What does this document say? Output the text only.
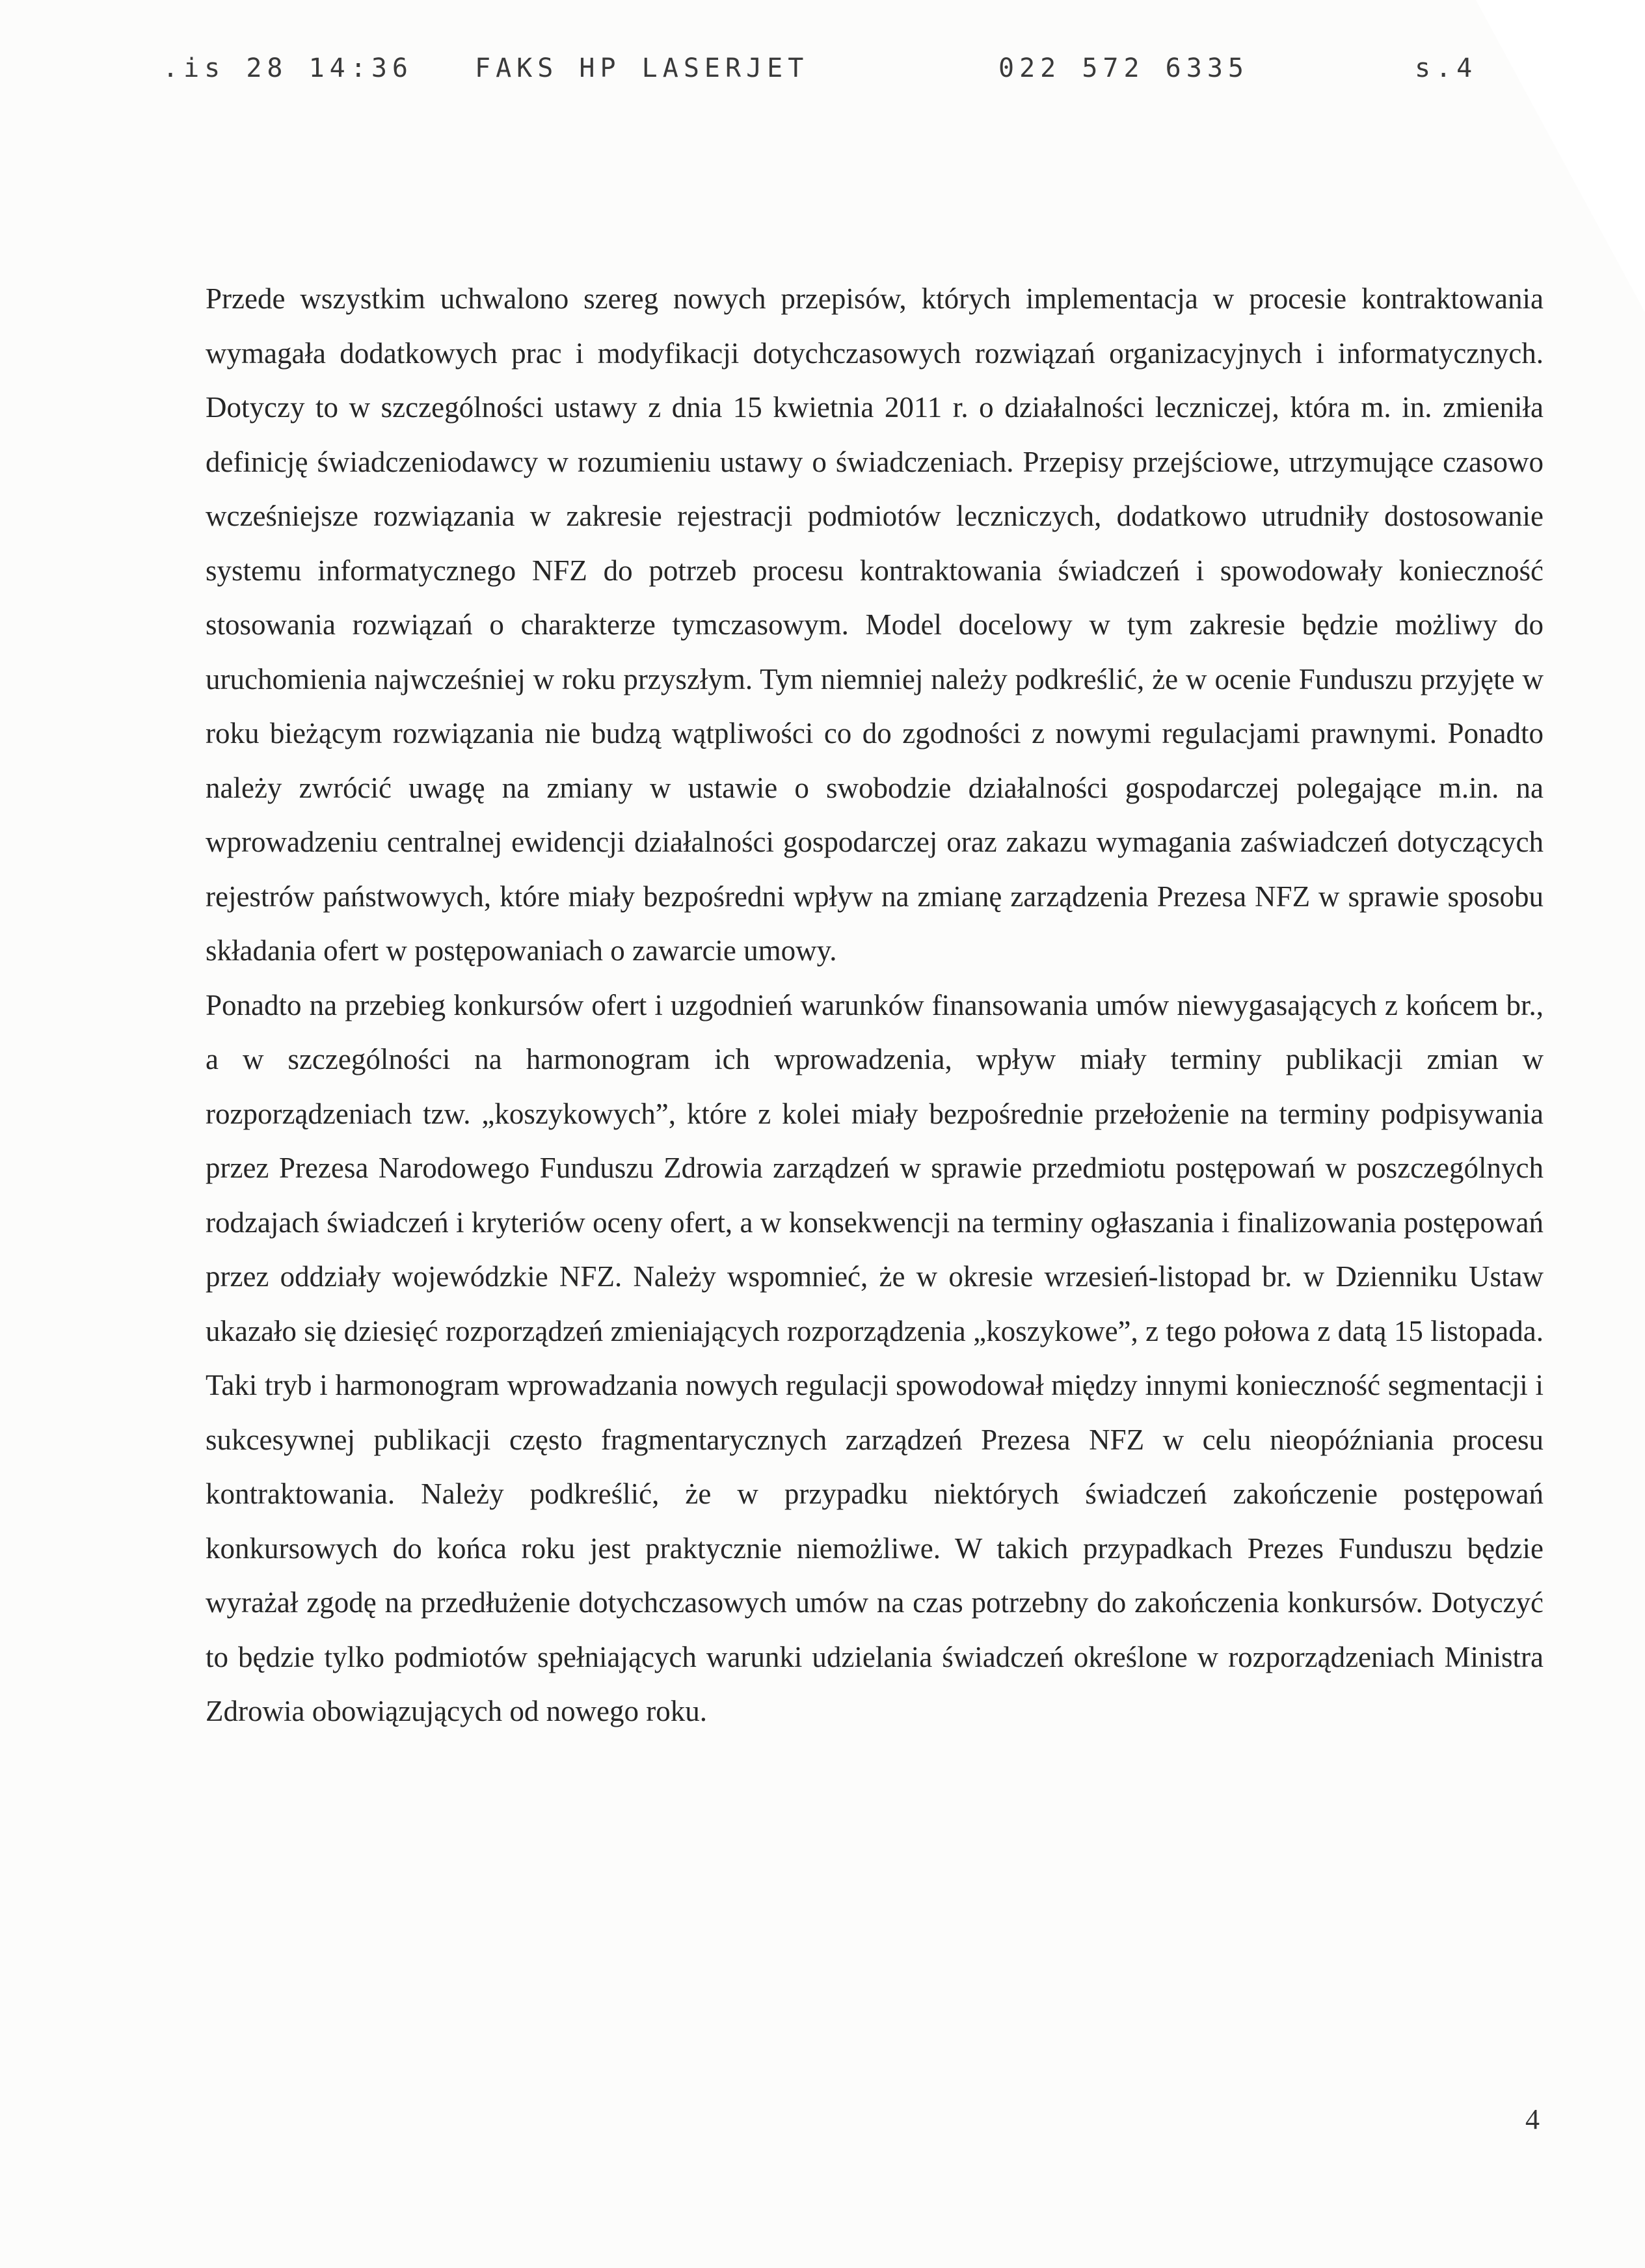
.is 28 14:36 FAKS HP LASERJET	022 572 6335	s.4

Przede wszystkim uchwalono szereg nowych przepisów, których implementacja w procesie kontraktowania wymagała dodatkowych prac i modyfikacji dotychczasowych rozwiązań organizacyjnych i informatycznych. Dotyczy to w szczególności ustawy z dnia 15 kwietnia 2011 r. o działalności leczniczej, która m. in. zmieniła definicję świadczeniodawcy w rozumieniu ustawy o świadczeniach. Przepisy przejściowe, utrzymujące czasowo wcześniejsze rozwiązania w zakresie rejestracji podmiotów leczniczych, dodatkowo utrudniły dostosowanie systemu informatycznego NFZ do potrzeb procesu kontraktowania świadczeń i spowodowały konieczność stosowania rozwiązań o charakterze tymczasowym. Model docelowy w tym zakresie będzie możliwy do uruchomienia najwcześniej w roku przyszłym. Tym niemniej należy podkreślić, że w ocenie Funduszu przyjęte w roku bieżącym rozwiązania nie budzą wątpliwości co do zgodności z nowymi regulacjami prawnymi. Ponadto należy zwrócić uwagę na zmiany w ustawie o swobodzie działalności gospodarczej polegające m.in. na wprowadzeniu centralnej ewidencji działalności gospodarczej oraz zakazu wymagania zaświadczeń dotyczących rejestrów państwowych, które miały bezpośredni wpływ na zmianę zarządzenia Prezesa NFZ w sprawie sposobu składania ofert w postępowaniach o zawarcie umowy.

Ponadto na przebieg konkursów ofert i uzgodnień warunków finansowania umów niewygasających z końcem br., a w szczególności na harmonogram ich wprowadzenia, wpływ miały terminy publikacji zmian w rozporządzeniach tzw. „koszykowych”, które z kolei miały bezpośrednie przełożenie na terminy podpisywania przez Prezesa Narodowego Funduszu Zdrowia zarządzeń w sprawie przedmiotu postępowań w poszczególnych rodzajach świadczeń i kryteriów oceny ofert, a w konsekwencji na terminy ogłaszania i finalizowania postępowań przez oddziały wojewódzkie NFZ. Należy wspomnieć, że w okresie wrzesień-listopad br. w Dzienniku Ustaw ukazało się dziesięć rozporządzeń zmieniających rozporządzenia „koszykowe”, z tego połowa z datą 15 listopada. Taki tryb i harmonogram wprowadzania nowych regulacji spowodował między innymi konieczność segmentacji i sukcesywnej publikacji często fragmentarycznych zarządzeń Prezesa NFZ w celu nieopóźniania procesu kontraktowania. Należy podkreślić, że w przypadku niektórych świadczeń zakończenie postępowań konkursowych do końca roku jest praktycznie niemożliwe. W takich przypadkach Prezes Funduszu będzie wyrażał zgodę na przedłużenie dotychczasowych umów na czas potrzebny do zakończenia konkursów. Dotyczyć to będzie tylko podmiotów spełniających warunki udzielania świadczeń określone w rozporządzeniach Ministra Zdrowia obowiązujących od nowego roku.

4
